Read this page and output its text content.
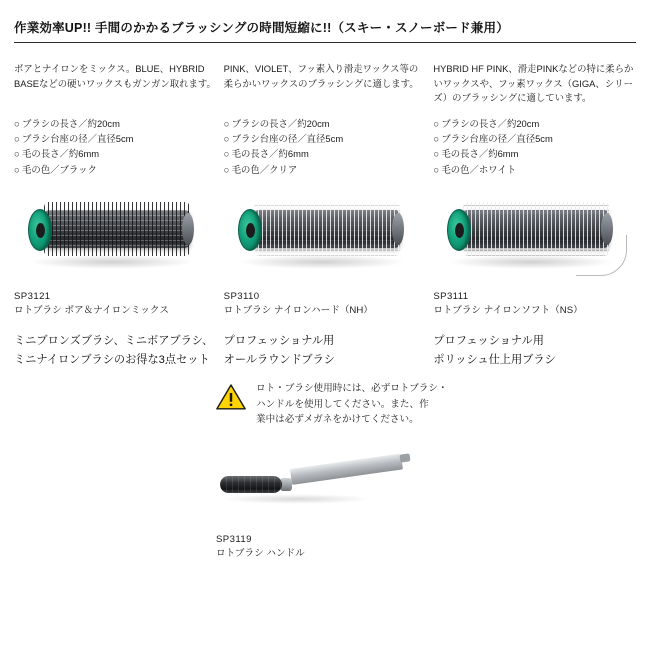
作業効率UP!! 手間のかかるブラッシングの時間短縮に!!（スキー・スノーボード兼用）
ボアとナイロンをミックス。BLUE、HYBRID BASEなどの硬いワックスもガンガン取れます。
○ ブラシの長さ／約20cm
○ ブラシ台座の径／直径5cm
○ 毛の長さ／約6mm
○ 毛の色／ブラック
SP3121
ロトブラシ ボア＆ナイロンミックス
ミニブロンズブラシ、ミニボアブラシ、
ミニナイロンブラシのお得な3点セット
PINK、VIOLET、フッ素入り滑走ワックス等の柔らかいワックスのブラッシングに適します。
○ ブラシの長さ／約20cm
○ ブラシ台座の径／直径5cm
○ 毛の長さ／約6mm
○ 毛の色／クリア
SP3110
ロトブラシ ナイロンハード（NH）
プロフェッショナル用
オールラウンドブラシ
HYBRID HF PINK、滑走PINKなどの特に柔らかいワックスや、フッ素ワックス（GIGA、シリーズ）のブラッシングに適しています。
○ ブラシの長さ／約20cm
○ ブラシ台座の径／直径5cm
○ 毛の長さ／約6mm
○ 毛の色／ホワイト
SP3111
ロトブラシ ナイロンソフト（NS）
プロフェッショナル用
ポリッシュ仕上用ブラシ
ロト・ブラシ使用時には、必ずロトブラシ・
ハンドルを使用してください。また、作
業中は必ずメガネをかけてください。
SP3119
ロトブラシ ハンドル
